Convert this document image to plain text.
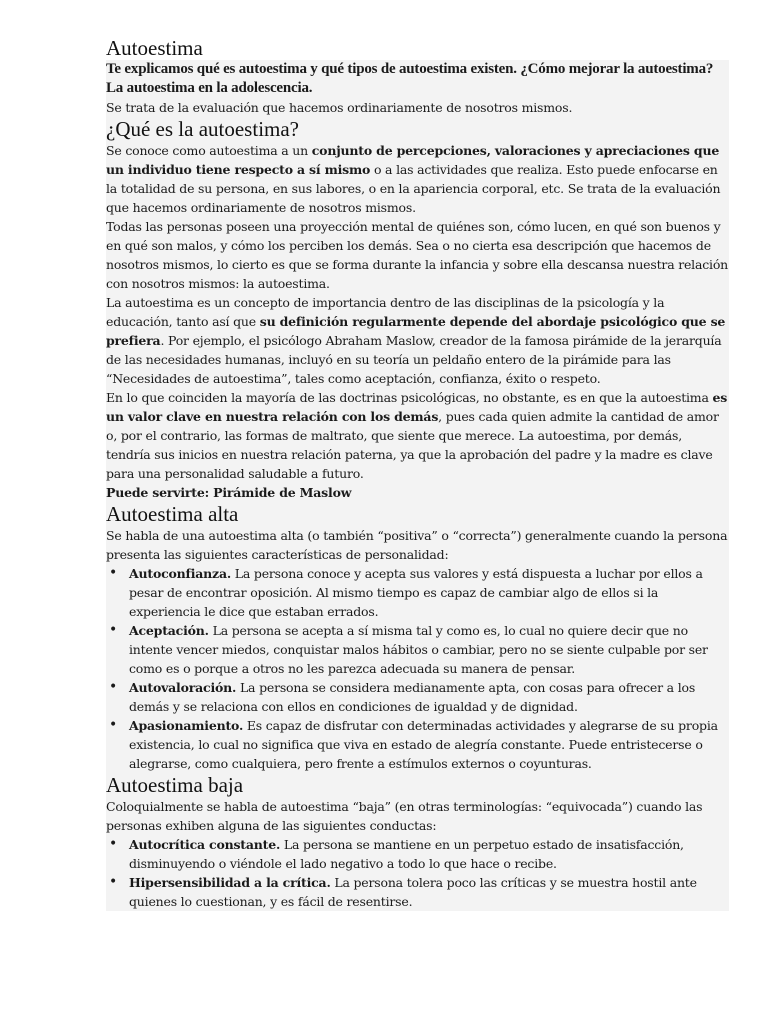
Autoestima

Te explicamos qué es autoestima y qué tipos de autoestima existen. ¿Cómo mejorar la autoestima? La autoestima en la adolescencia.

Se trata de la evaluación que hacemos ordinariamente de nosotros mismos.

¿Qué es la autoestima?

Se conoce como autoestima a un conjunto de percepciones, valoraciones y apreciaciones que un individuo tiene respecto a sí mismo o a las actividades que realiza. Esto puede enfocarse en la totalidad de su persona, en sus labores, o en la apariencia corporal, etc. Se trata de la evaluación que hacemos ordinariamente de nosotros mismos.

Todas las personas poseen una proyección mental de quiénes son, cómo lucen, en qué son buenos y en qué son malos, y cómo los perciben los demás. Sea o no cierta esa descripción que hacemos de nosotros mismos, lo cierto es que se forma durante la infancia y sobre ella descansa nuestra relación con nosotros mismos: la autoestima.

La autoestima es un concepto de importancia dentro de las disciplinas de la psicología y la educación, tanto así que su definición regularmente depende del abordaje psicológico que se prefiera. Por ejemplo, el psicólogo Abraham Maslow, creador de la famosa pirámide de la jerarquía de las necesidades humanas, incluyó en su teoría un peldaño entero de la pirámide para las “Necesidades de autoestima”, tales como aceptación, confianza, éxito o respeto.

En lo que coinciden la mayoría de las doctrinas psicológicas, no obstante, es en que la autoestima es un valor clave en nuestra relación con los demás, pues cada quien admite la cantidad de amor o, por el contrario, las formas de maltrato, que siente que merece. La autoestima, por demás, tendría sus inicios en nuestra relación paterna, ya que la aprobación del padre y la madre es clave para una personalidad saludable a futuro.

Puede servirte: Pirámide de Maslow

Autoestima alta

Se habla de una autoestima alta (o también “positiva” o “correcta”) generalmente cuando la persona presenta las siguientes características de personalidad:

• Autoconfianza. La persona conoce y acepta sus valores y está dispuesta a luchar por ellos a pesar de encontrar oposición. Al mismo tiempo es capaz de cambiar algo de ellos si la experiencia le dice que estaban errados.
• Aceptación. La persona se acepta a sí misma tal y como es, lo cual no quiere decir que no intente vencer miedos, conquistar malos hábitos o cambiar, pero no se siente culpable por ser como es o porque a otros no les parezca adecuada su manera de pensar.
• Autovaloración. La persona se considera medianamente apta, con cosas para ofrecer a los demás y se relaciona con ellos en condiciones de igualdad y de dignidad.
• Apasionamiento. Es capaz de disfrutar con determinadas actividades y alegrarse de su propia existencia, lo cual no significa que viva en estado de alegría constante. Puede entristecerse o alegrarse, como cualquiera, pero frente a estímulos externos o coyunturas.
Autoestima baja

Coloquialmente se habla de autoestima “baja” (en otras terminologías: “equivocada”) cuando las personas exhiben alguna de las siguientes conductas:

• Autocrítica constante. La persona se mantiene en un perpetuo estado de insatisfacción, disminuyendo o viéndole el lado negativo a todo lo que hace o recibe.
• Hipersensibilidad a la crítica. La persona tolera poco las críticas y se muestra hostil ante quienes lo cuestionan, y es fácil de resentirse.
